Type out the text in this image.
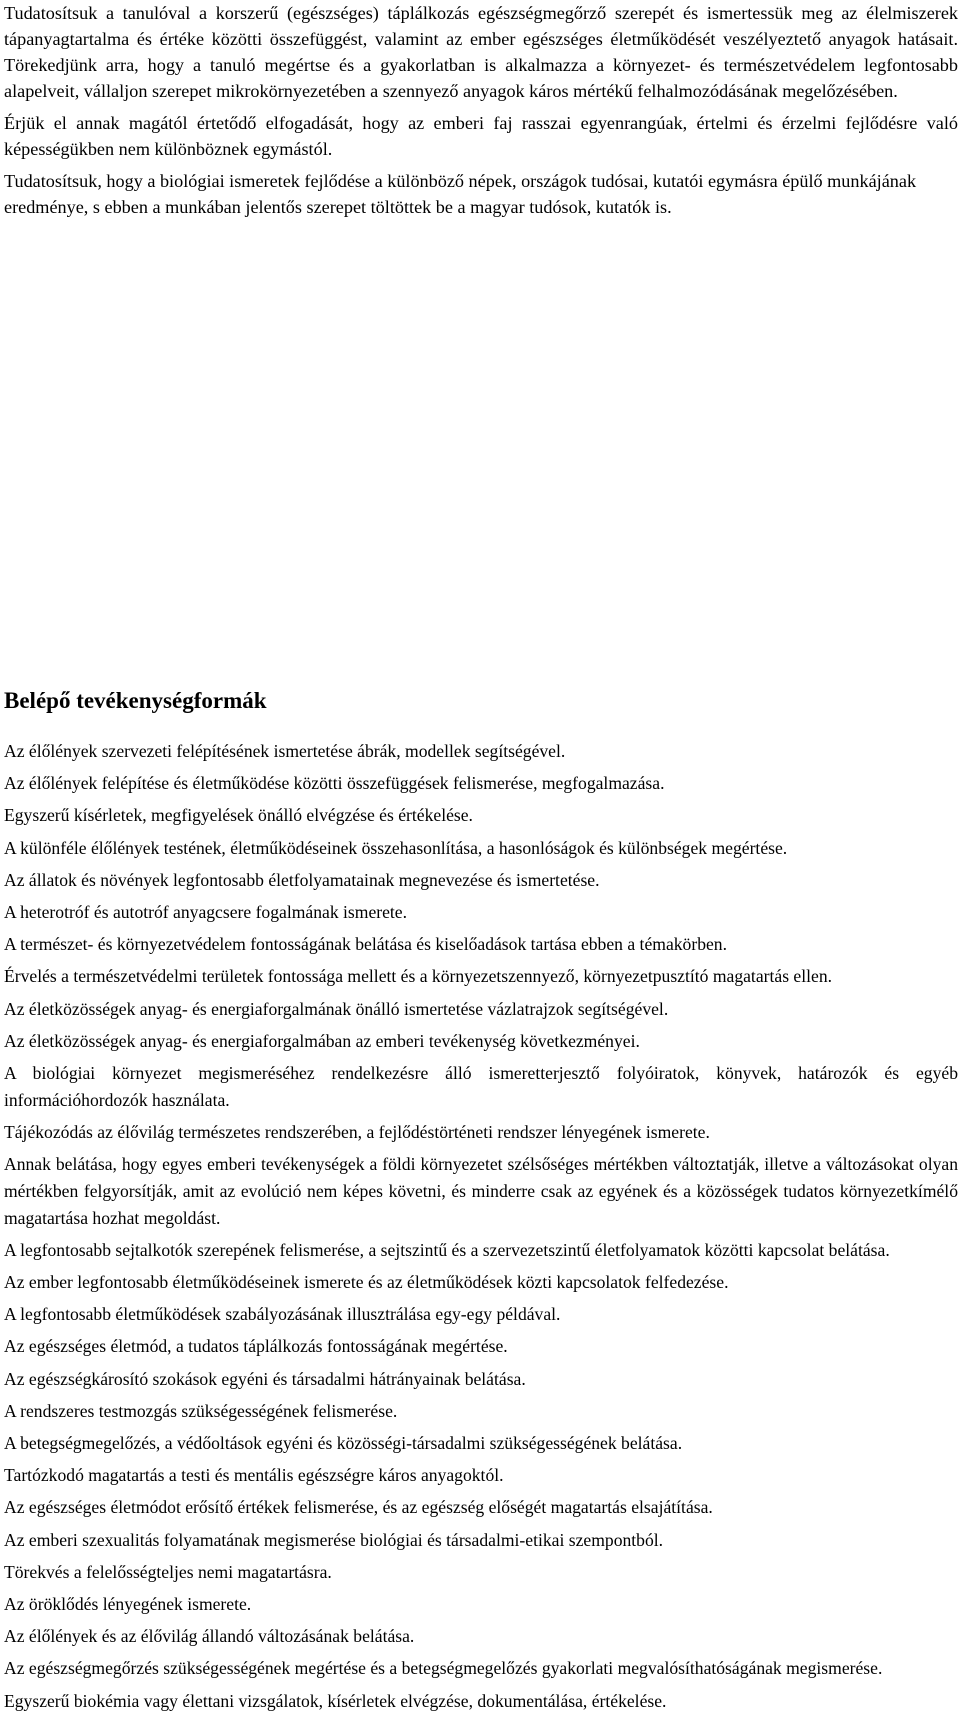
Tudatosítsuk a tanulóval a korszerű (egészséges) táplálkozás egészségmegőrző szerepét és ismertessük meg az élelmiszerek tápanyagtartalma és értéke közötti összefüggést, valamint az ember egészséges életműködését veszélyeztető anyagok hatásait. Törekedjünk arra, hogy a tanuló megértse és a gyakorlatban is alkalmazza a környezet- és természetvédelem legfontosabb alapelveit, vállaljon szerepet mikrokörnyezetében a szennyező anyagok káros mértékű felhalmozódásának megelőzésében.

Érjük el annak magától értetődő elfogadását, hogy az emberi faj rasszai egyenrangúak, értelmi és érzelmi fejlődésre való képességükben nem különböznek egymástól.

Tudatosítsuk, hogy a biológiai ismeretek fejlődése a különböző népek, országok tudósai, kutatói egymásra épülő munkájának eredménye, s ebben a munkában jelentős szerepet töltöttek be a magyar tudósok, kutatók is.

Belépő tevékenységformák
Az élőlények szervezeti felépítésének ismertetése ábrák, modellek segítségével.
Az élőlények felépítése és életműködése közötti összefüggések felismerése, megfogalmazása.
Egyszerű kísérletek, megfigyelések önálló elvégzése és értékelése.
A különféle élőlények testének, életműködéseinek összehasonlítása, a hasonlóságok és különbségek megértése.
Az állatok és növények legfontosabb életfolyamatainak megnevezése és ismertetése.
A heterotróf és autotróf anyagcsere fogalmának ismerete.
A természet- és környezetvédelem fontosságának belátása és kiselőadások tartása ebben a témakörben.
Érvelés a természetvédelmi területek fontossága mellett és a környezetszennyező, környezetpusztító magatartás ellen.
Az életközösségek anyag- és energiaforgalmának önálló ismertetése vázlatrajzok segítségével.
Az életközösségek anyag- és energiaforgalmában az emberi tevékenység következményei.
A biológiai környezet megismeréséhez rendelkezésre álló ismeretterjesztő folyóiratok, könyvek, határozók és egyéb információhordozók használata.
Tájékozódás az élővilág természetes rendszerében, a fejlődéstörténeti rendszer lényegének ismerete.
Annak belátása, hogy egyes emberi tevékenységek a földi környezetet szélsőséges mértékben változtatják, illetve a változásokat olyan mértékben felgyorsítják, amit az evolúció nem képes követni, és minderre csak az egyének és a közösségek tudatos környezetkímélő magatartása hozhat megoldást.
A legfontosabb sejtalkotók szerepének felismerése, a sejtszintű és a szervezetszintű életfolyamatok közötti kapcsolat belátása.
Az ember legfontosabb életműködéseinek ismerete és az életműködések közti kapcsolatok felfedezése.
A legfontosabb életműködések szabályozásának illusztrálása egy-egy példával.
Az egészséges életmód, a tudatos táplálkozás fontosságának megértése.
Az egészségkárosító szokások egyéni és társadalmi hátrányainak belátása.
A rendszeres testmozgás szükségességének felismerése.
A betegségmegelőzés, a védőoltások egyéni és közösségi-társadalmi szükségességének belátása.
Tartózkodó magatartás a testi és mentális egészségre káros anyagoktól.
Az egészséges életmódot erősítő értékek felismerése, és az egészség előségét magatartás elsajátítása.
Az emberi szexualitás folyamatának megismerése biológiai és társadalmi-etikai szempontból.
Törekvés a felelősségteljes nemi magatartásra.
Az öröklődés lényegének ismerete.
Az élőlények és az élővilág állandó változásának belátása.
Az egészségmegőrzés szükségességének megértése és a betegségmegelőzés gyakorlati megvalósíthatóságának megismerése.
Egyszerű biokémia vagy élettani vizsgálatok, kísérletek elvégzése, dokumentálása, értékelése.
